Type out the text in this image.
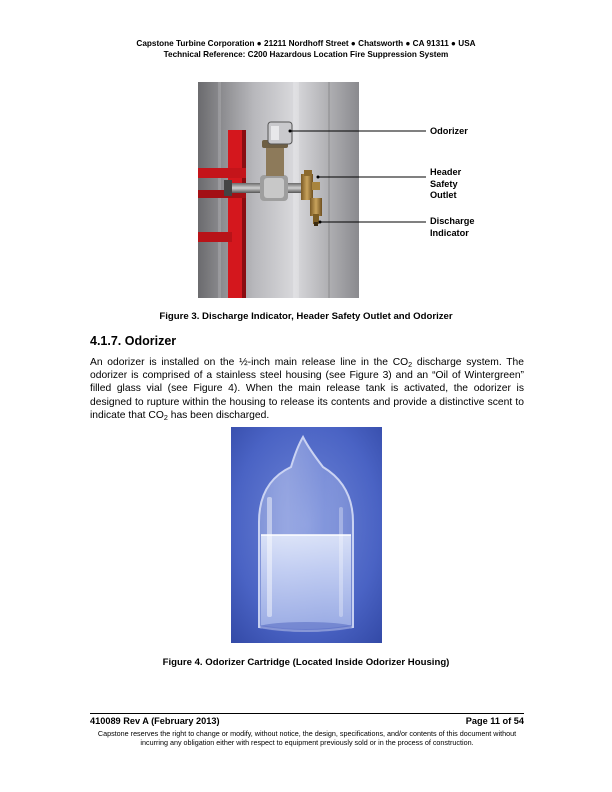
Capstone Turbine Corporation ● 21211 Nordhoff Street ● Chatsworth ● CA 91311 ● USA
Technical Reference: C200 Hazardous Location Fire Suppression System
Odorizer
Header
Safety
Outlet
Discharge
Indicator
Figure 3. Discharge Indicator, Header Safety Outlet and Odorizer
4.1.7. Odorizer
An odorizer is installed on the ½-inch main release line in the $CO_2$ discharge system. The odorizer is comprised of a stainless steel housing (see Figure 3) and an “Oil of Wintergreen” filled glass vial (see Figure 4). When the main release tank is activated, the odorizer is designed to rupture within the housing to release its contents and provide a distinctive scent to indicate that $CO_2$ has been discharged.
Figure 4. Odorizer Cartridge (Located Inside Odorizer Housing)
410089 Rev A (February 2013)	Page 11 of 54
Capstone reserves the right to change or modify, without notice, the design, specifications, and/or contents of this document without incurring any obligation either with respect to equipment previously sold or in the process of construction.
